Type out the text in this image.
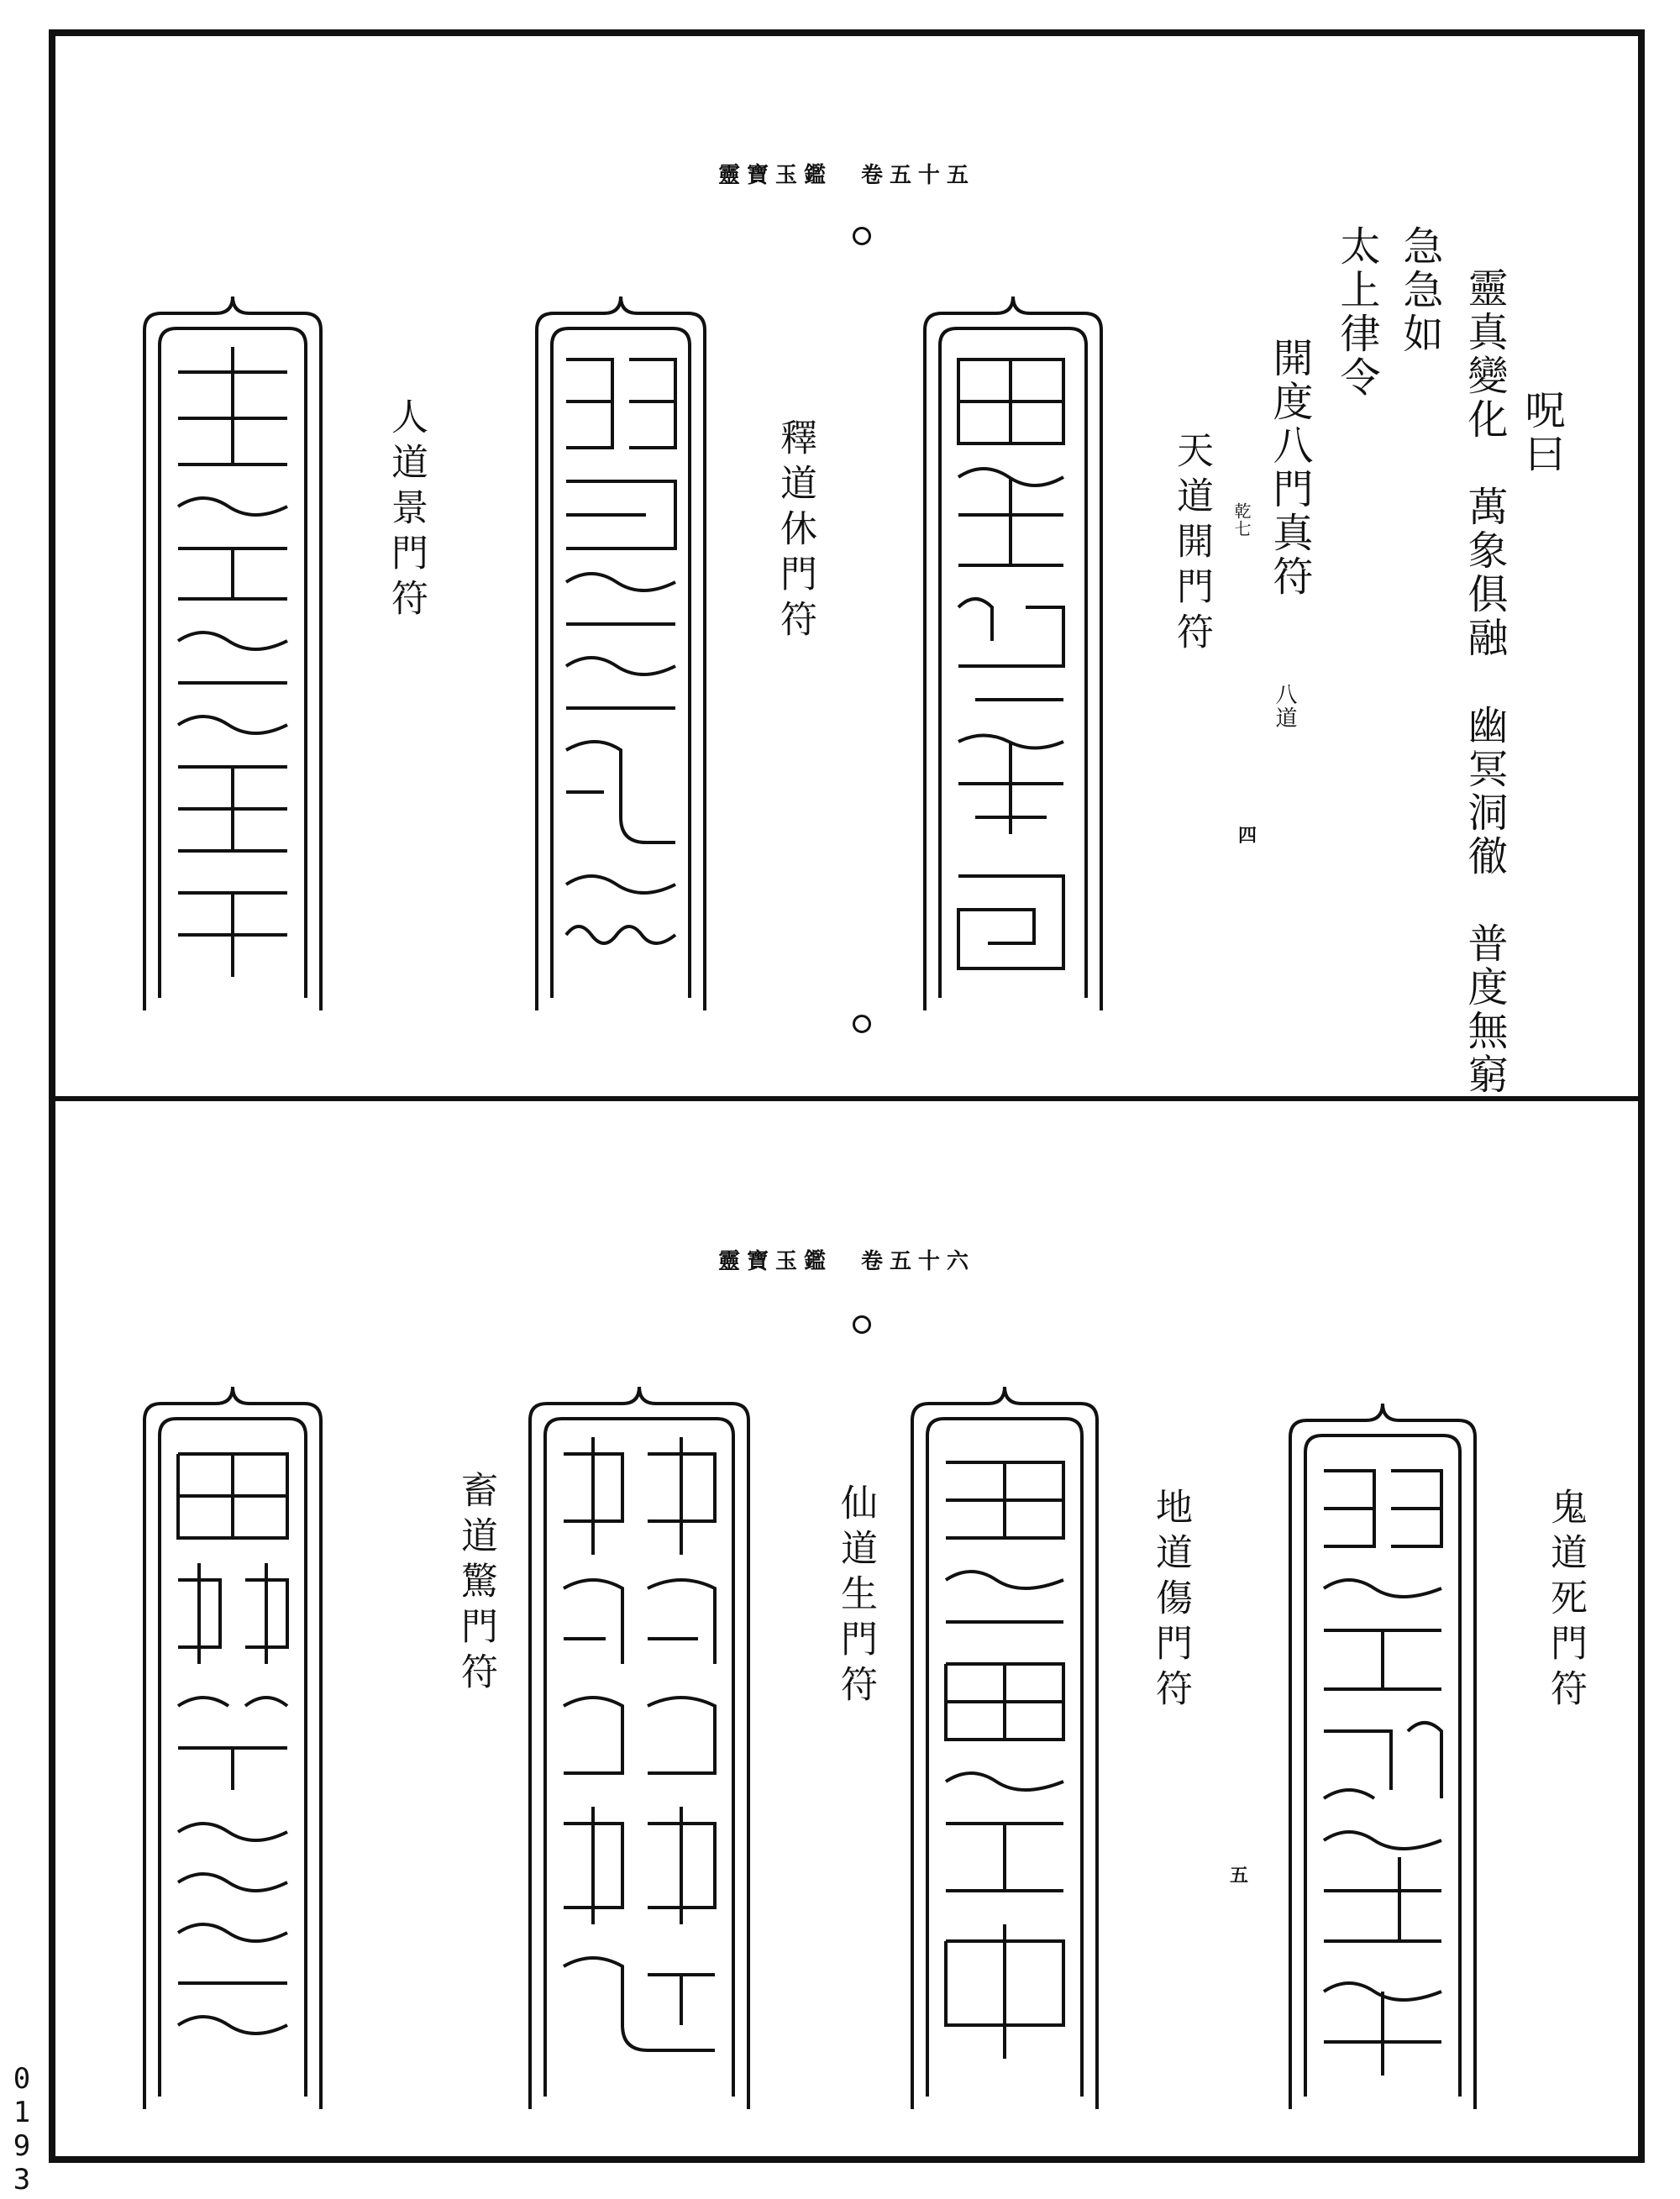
0
1
9
3
靈寶玉鑑　卷五十五
呪曰
靈真變化　萬象俱融　幽冥洞徹　普度無窮
急急如
太上律令
開度八門真符
八道
四
天道開門符 乾七
釋道休門符
人道景門符
靈寶玉鑑　卷五十六
五
鬼道死門符
地道傷門符
仙道生門符
畜道驚門符
